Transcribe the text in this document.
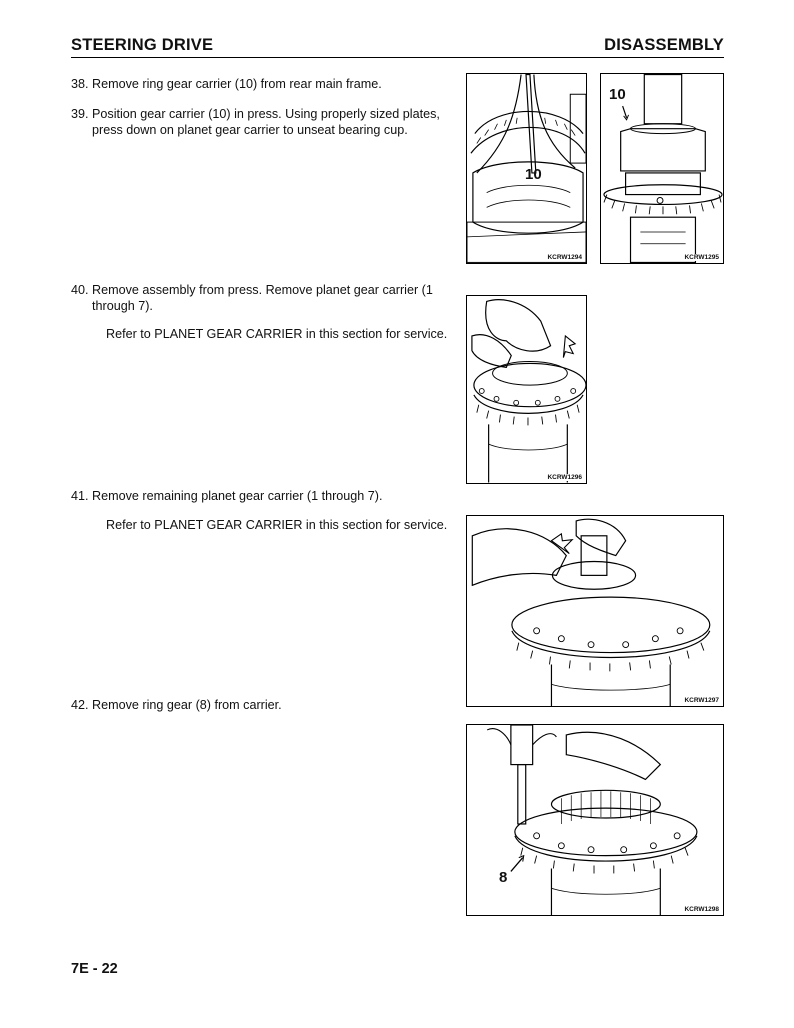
STEERING DRIVE	DISASSEMBLY
38. Remove ring gear carrier (10) from rear main frame.
39. Position gear carrier (10) in press. Using properly sized plates, press down on planet gear carrier to unseat bearing cup.
40. Remove assembly from press. Remove planet gear carrier (1 through 7).
Refer to PLANET GEAR CARRIER in this section for service.
41. Remove remaining planet gear carrier (1 through 7).
Refer to PLANET GEAR CARRIER in this section for service.
42. Remove ring gear (8) from carrier.
10
KCRW1294
10
KCRW1295
KCRW1296
KCRW1297
8
KCRW1298
7E - 22
